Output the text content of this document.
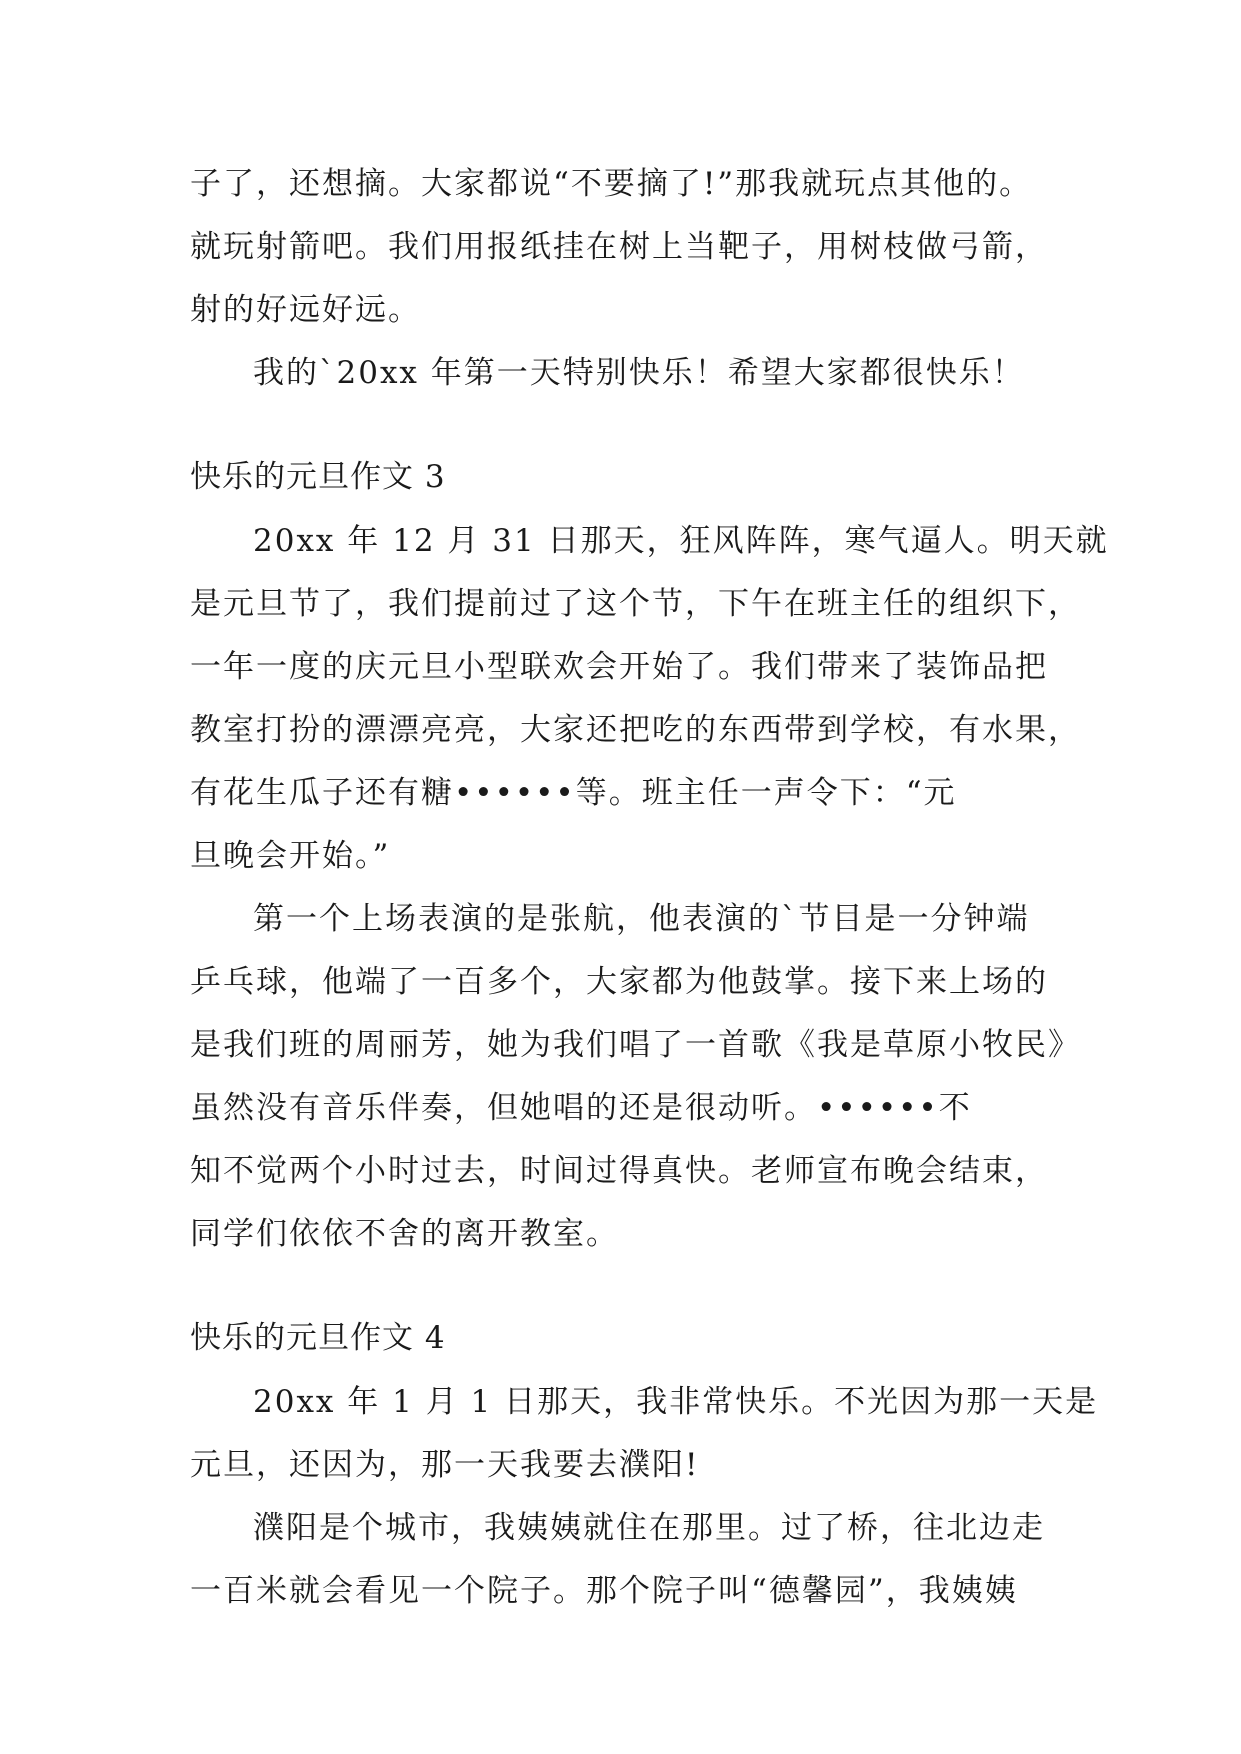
子了，还想摘。大家都说“不要摘了!”那我就玩点其他的。
就玩射箭吧。我们用报纸挂在树上当靶子，用树枝做弓箭，
射的好远好远。
我的`20xx 年第一天特别快乐！希望大家都很快乐！
快乐的元旦作文 3
20xx 年 12 月 31 日那天，狂风阵阵，寒气逼人。明天就
是元旦节了，我们提前过了这个节，下午在班主任的组织下，
一年一度的庆元旦小型联欢会开始了。我们带来了装饰品把
教室打扮的漂漂亮亮，大家还把吃的东西带到学校，有水果，
有花生瓜子还有糖••••••等。班主任一声令下：“元
旦晚会开始。”
第一个上场表演的是张航，他表演的`节目是一分钟端
乒乓球，他端了一百多个，大家都为他鼓掌。接下来上场的
是我们班的周丽芳，她为我们唱了一首歌《我是草原小牧民》
虽然没有音乐伴奏，但她唱的还是很动听。••••••不
知不觉两个小时过去，时间过得真快。老师宣布晚会结束，
同学们依依不舍的离开教室。
快乐的元旦作文 4
20xx 年 1 月 1 日那天，我非常快乐。不光因为那一天是
元旦，还因为，那一天我要去濮阳!
濮阳是个城市，我姨姨就住在那里。过了桥，往北边走
一百米就会看见一个院子。那个院子叫“德馨园”，我姨姨
